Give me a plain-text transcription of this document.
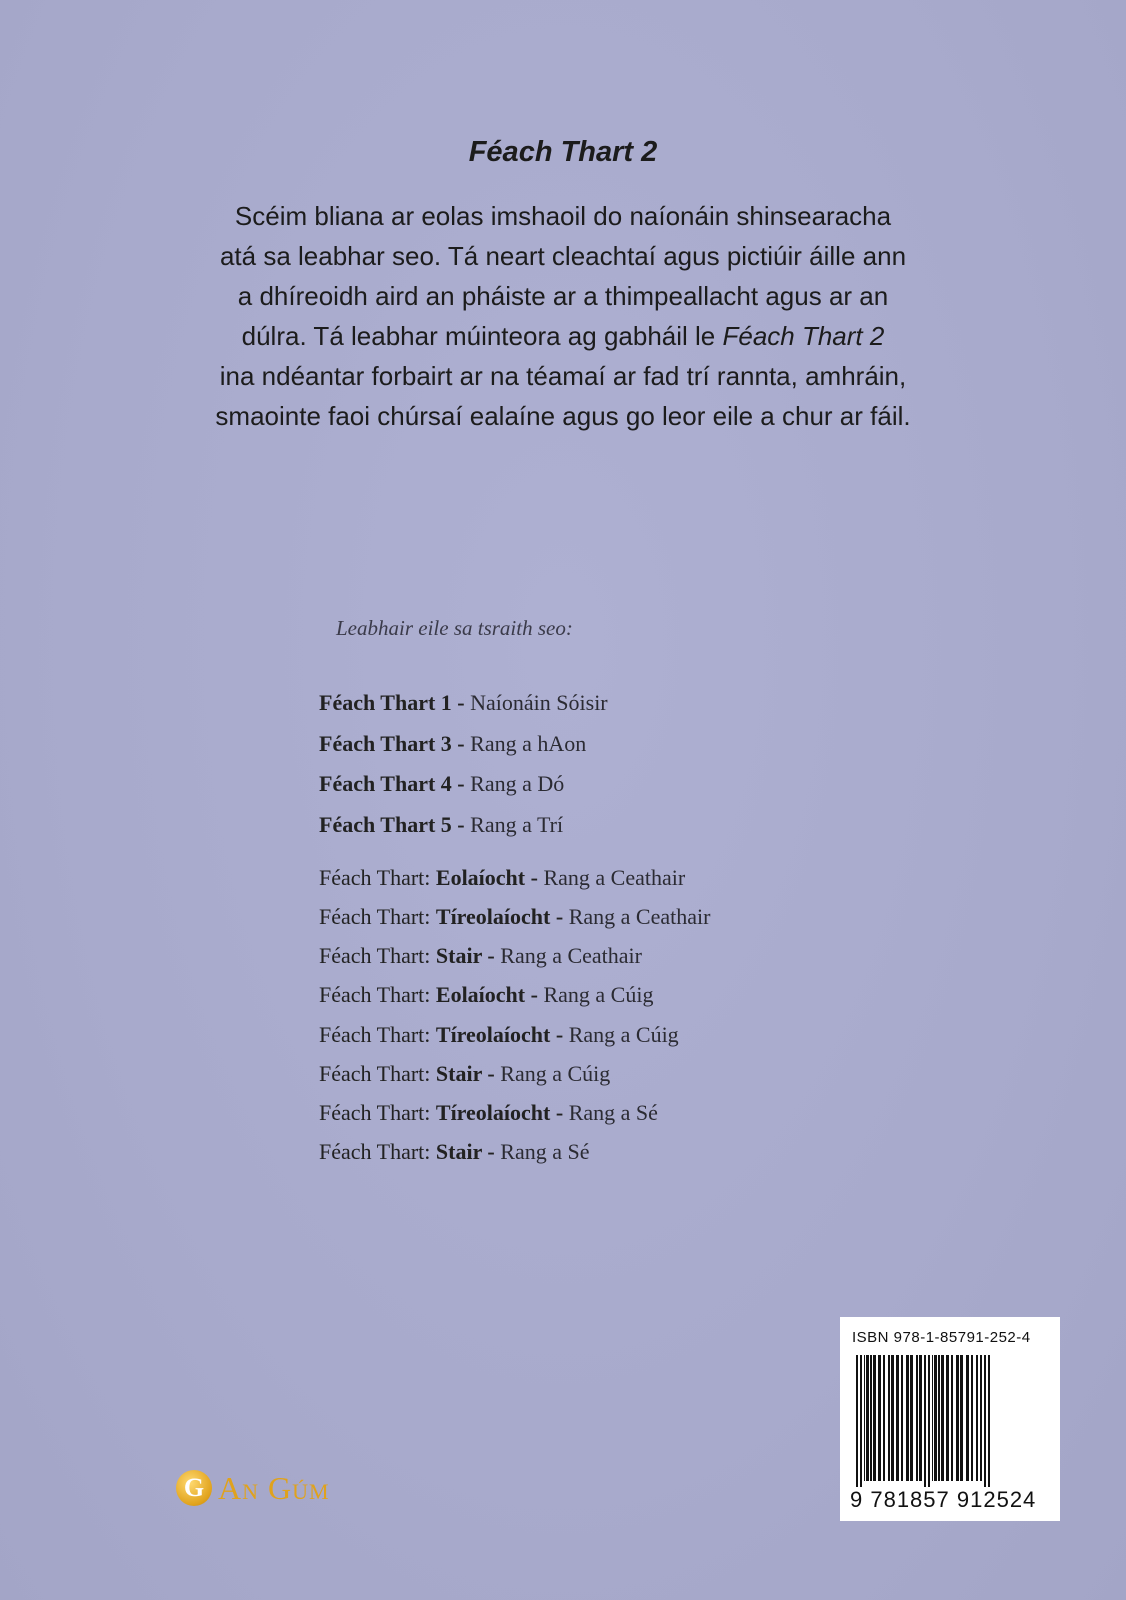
Féach Thart 2
Scéim bliana ar eolas imshaoil do naíonáin shinsearacha
atá sa leabhar seo. Tá neart cleachtaí agus pictiúir áille ann
a dhíreoidh aird an pháiste ar a thimpeallacht agus ar an
dúlra. Tá leabhar múinteora ag gabháil le Féach Thart 2
ina ndéantar forbairt ar na téamaí ar fad trí rannta, amhráin,
smaointe faoi chúrsaí ealaíne agus go leor eile a chur ar fáil.
Leabhair eile sa tsraith seo:
Féach Thart 1 - Naíonáin Sóisir
Féach Thart 3 - Rang a hAon
Féach Thart 4 - Rang a Dó
Féach Thart 5 - Rang a Trí
Féach Thart: Eolaíocht - Rang a Ceathair
Féach Thart: Tíreolaíocht - Rang a Ceathair
Féach Thart: Stair - Rang a Ceathair
Féach Thart: Eolaíocht - Rang a Cúig
Féach Thart: Tíreolaíocht - Rang a Cúig
Féach Thart: Stair - Rang a Cúig
Féach Thart: Tíreolaíocht - Rang a Sé
Féach Thart: Stair - Rang a Sé
ISBN 978-1-85791-252-4
9 781857 912524
G An Gúm
